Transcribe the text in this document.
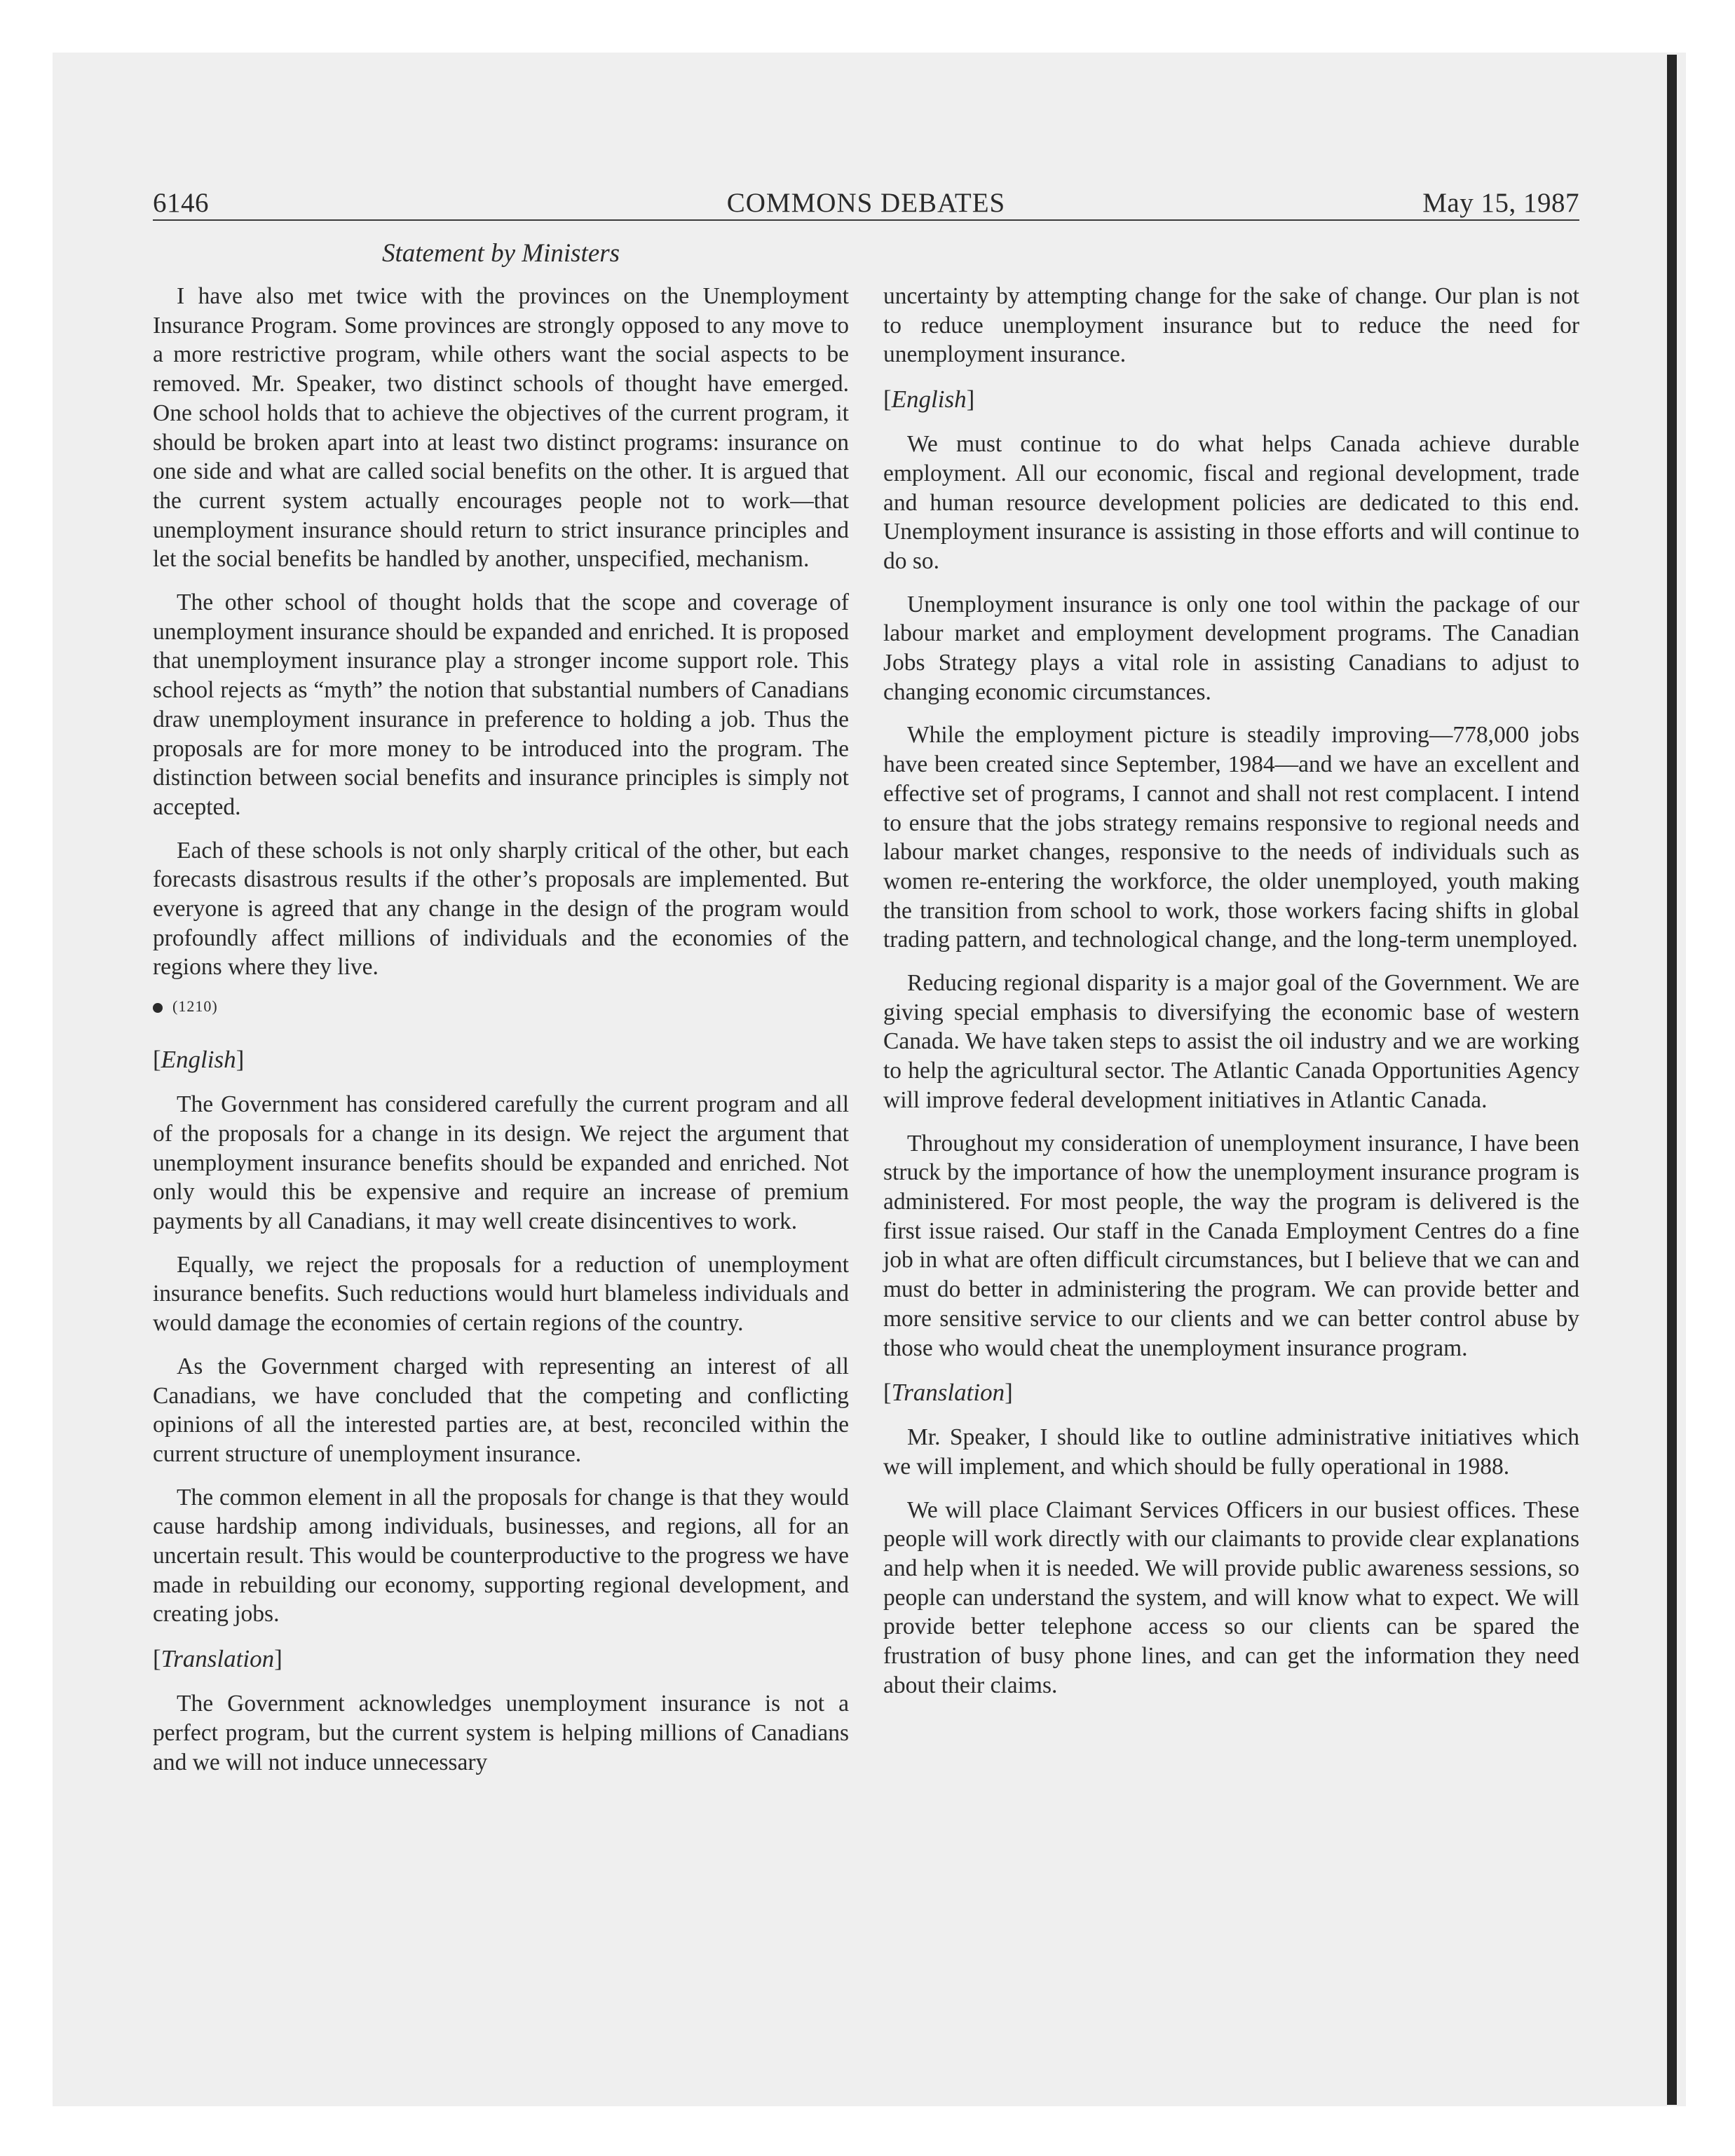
6146	COMMONS DEBATES	May 15, 1987
Statement by Ministers

I have also met twice with the provinces on the Unemployment Insurance Program. Some provinces are strongly opposed to any move to a more restrictive program, while others want the social aspects to be removed. Mr. Speaker, two distinct schools of thought have emerged. One school holds that to achieve the objectives of the current program, it should be broken apart into at least two distinct programs: insurance on one side and what are called social benefits on the other. It is argued that the current system actually encourages people not to work—that unemployment insurance should return to strict insurance principles and let the social benefits be handled by another, unspecified, mechanism.

The other school of thought holds that the scope and coverage of unemployment insurance should be expanded and enriched. It is proposed that unemployment insurance play a stronger income support role. This school rejects as “myth” the notion that substantial numbers of Canadians draw unemployment insurance in preference to holding a job. Thus the proposals are for more money to be introduced into the program. The distinction between social benefits and insurance principles is simply not accepted.

Each of these schools is not only sharply critical of the other, but each forecasts disastrous results if the other’s proposals are implemented. But everyone is agreed that any change in the design of the program would profoundly affect millions of individuals and the economies of the regions where they live.

(1210)
[English]

The Government has considered carefully the current program and all of the proposals for a change in its design. We reject the argument that unemployment insurance benefits should be expanded and enriched. Not only would this be expensive and require an increase of premium payments by all Canadians, it may well create disincentives to work.

Equally, we reject the proposals for a reduction of unemployment insurance benefits. Such reductions would hurt blameless individuals and would damage the economies of certain regions of the country.

As the Government charged with representing an interest of all Canadians, we have concluded that the competing and conflicting opinions of all the interested parties are, at best, reconciled within the current structure of unemployment insurance.

The common element in all the proposals for change is that they would cause hardship among individuals, businesses, and regions, all for an uncertain result. This would be counterproductive to the progress we have made in rebuilding our economy, supporting regional development, and creating jobs.

[Translation]

The Government acknowledges unemployment insurance is not a perfect program, but the current system is helping millions of Canadians and we will not induce unnecessary

uncertainty by attempting change for the sake of change. Our plan is not to reduce unemployment insurance but to reduce the need for unemployment insurance.

[English]

We must continue to do what helps Canada achieve durable employment. All our economic, fiscal and regional development, trade and human resource development policies are dedicated to this end. Unemployment insurance is assisting in those efforts and will continue to do so.

Unemployment insurance is only one tool within the package of our labour market and employment development programs. The Canadian Jobs Strategy plays a vital role in assisting Canadians to adjust to changing economic circumstances.

While the employment picture is steadily improving—778,000 jobs have been created since September, 1984—and we have an excellent and effective set of programs, I cannot and shall not rest complacent. I intend to ensure that the jobs strategy remains responsive to regional needs and labour market changes, responsive to the needs of individuals such as women re-entering the workforce, the older unemployed, youth making the transition from school to work, those workers facing shifts in global trading pattern, and technological change, and the long-term unemployed.

Reducing regional disparity is a major goal of the Government. We are giving special emphasis to diversifying the economic base of western Canada. We have taken steps to assist the oil industry and we are working to help the agricultural sector. The Atlantic Canada Opportunities Agency will improve federal development initiatives in Atlantic Canada.

Throughout my consideration of unemployment insurance, I have been struck by the importance of how the unemployment insurance program is administered. For most people, the way the program is delivered is the first issue raised. Our staff in the Canada Employment Centres do a fine job in what are often difficult circumstances, but I believe that we can and must do better in administering the program. We can provide better and more sensitive service to our clients and we can better control abuse by those who would cheat the unemployment insurance program.

[Translation]

Mr. Speaker, I should like to outline administrative initiatives which we will implement, and which should be fully operational in 1988.

We will place Claimant Services Officers in our busiest offices. These people will work directly with our claimants to provide clear explanations and help when it is needed. We will provide public awareness sessions, so people can understand the system, and will know what to expect. We will provide better telephone access so our clients can be spared the frustration of busy phone lines, and can get the information they need about their claims.
